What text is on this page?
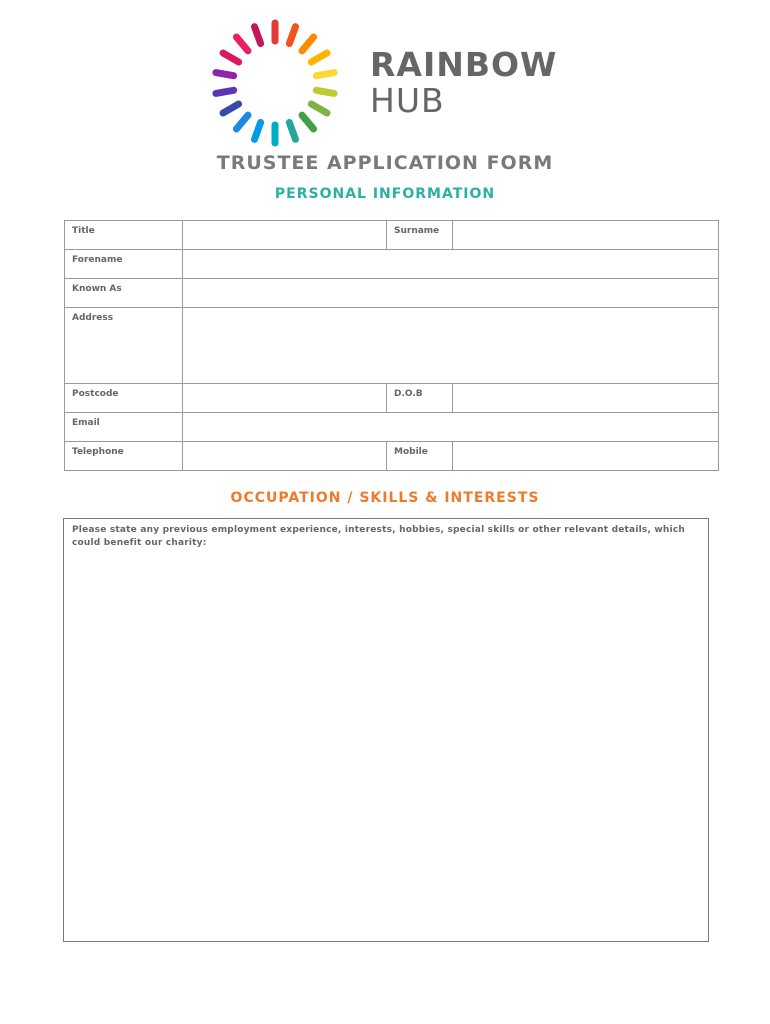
RAINBOW
HUB
TRUSTEE APPLICATION FORM
PERSONAL INFORMATION
Title		Surname	
Forename			
Known As			
Address			
Postcode		D.O.B	
Email			
Telephone		Mobile	
OCCUPATION / SKILLS & INTERESTS
Please state any previous employment experience, interests, hobbies, special skills or other relevant details, which could benefit our charity:
